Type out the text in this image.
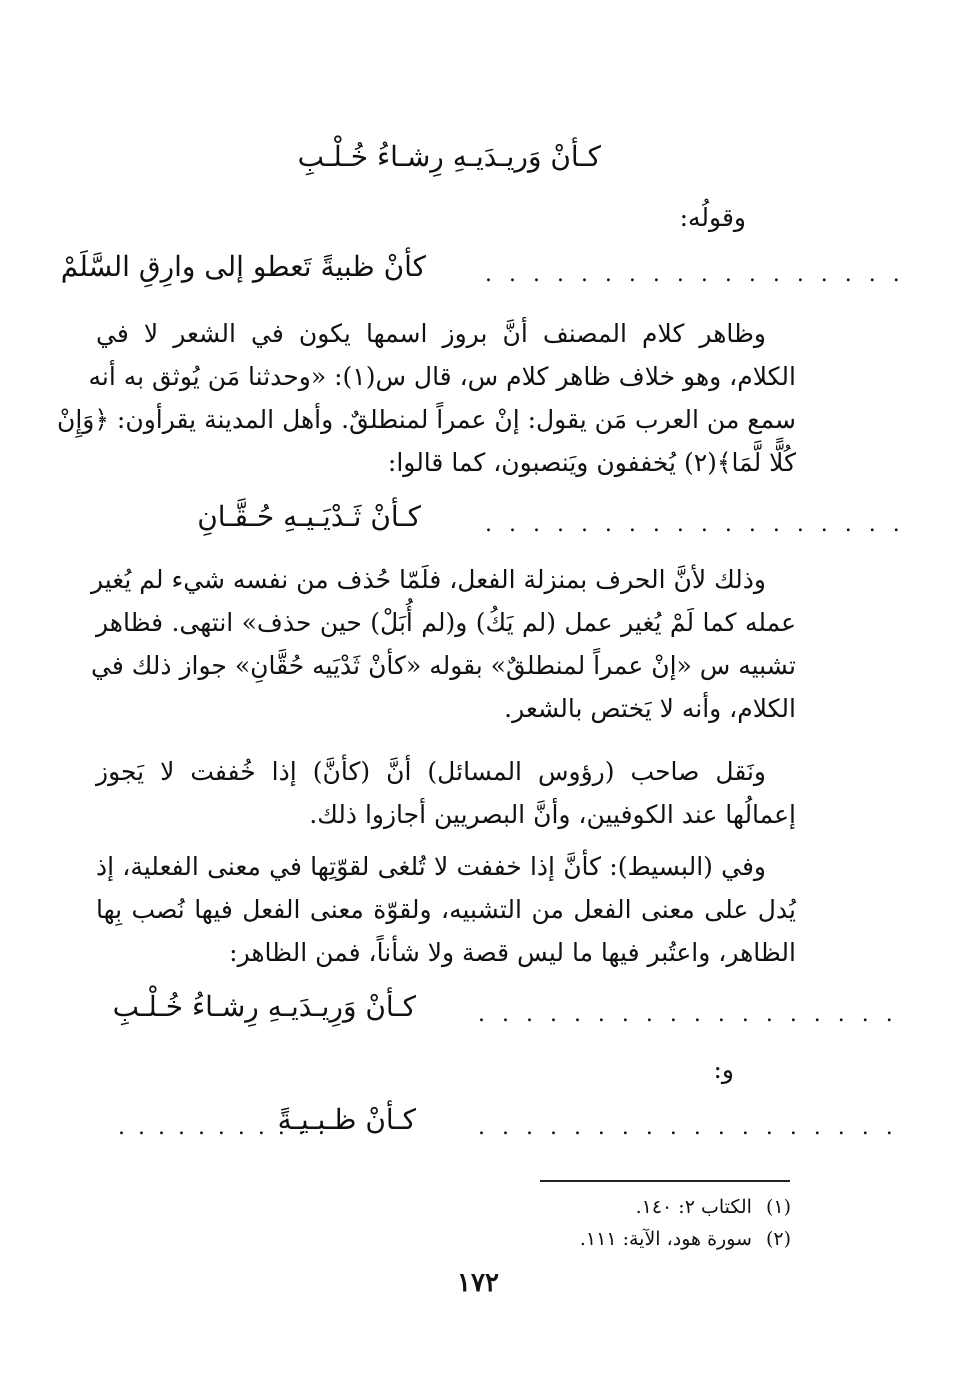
كـأنْ وَريـدَيـهِ رِشـاءُ خُـلْـبِ
وقولُه:
كأنْ ظبيةً تَعطو إلى وارِقِ السَّلَمْ	. . . . . . . . . . . . . . . . . .
وظاهر كلام المصنف أنَّ بروز اسمها يكون في الشعر لا في
الكلام، وهو خلاف ظاهر كلام س، قال س(١): «وحدثنا مَن يُوثق به أنه
سمع من العرب مَن يقول: إنْ عمراً لمنطلقٌ. وأهل المدينة يقرأون: ﴿وَإِنْ
كُلًّا لَّمَا﴾(٢) يُخففون ويَنصبون، كما قالوا:
كـأنْ ثَـدْيَـيـهِ حُـقَّـانِ	. . . . . . . . . . . . . . . . . .
وذلك لأنَّ الحرف بمنزلة الفعل، فلَمّا حُذف من نفسه شيء لم يُغير
عمله كما لَمْ يُغير عمل (لم يَكُ) و(لم أُبَلْ) حين حذف» انتهى. فظاهر
تشبيه س «إنْ عمراً لمنطلقٌ» بقوله «كأنْ ثَدْيَيه حُقَّانِ» جواز ذلك في
الكلام، وأنه لا يَختص بالشعر.
ونَقل صاحب (رؤوس المسائل) أنَّ (كأنَّ) إذا خُففت لا يَجوز
إعمالُها عند الكوفيين، وأنَّ البصريين أجازوا ذلك.
وفي (البسيط): كأنَّ إذا خففت لا تُلغى لقوّتِها في معنى الفعلية، إذ
يُدل على معنى الفعل من التشبيه، ولقوّة معنى الفعل فيها نُصب بِها
الظاهر، واعتُبر فيها ما ليس قصة ولا شأناً، فمن الظاهر:
كـأنْ وَرِيـدَيـهِ رِشـاءُ خُـلْـبِ	. . . . . . . . . . . . . . . . . .
و:
كـأنْ ظـبـيـةً	. . . . . . . . . . . . . . . . . .
. . . . . . . . . . .
(١)الكتاب ٢: ١٤٠.
(٢)سورة هود، الآية: ١١١.
١٧٢
